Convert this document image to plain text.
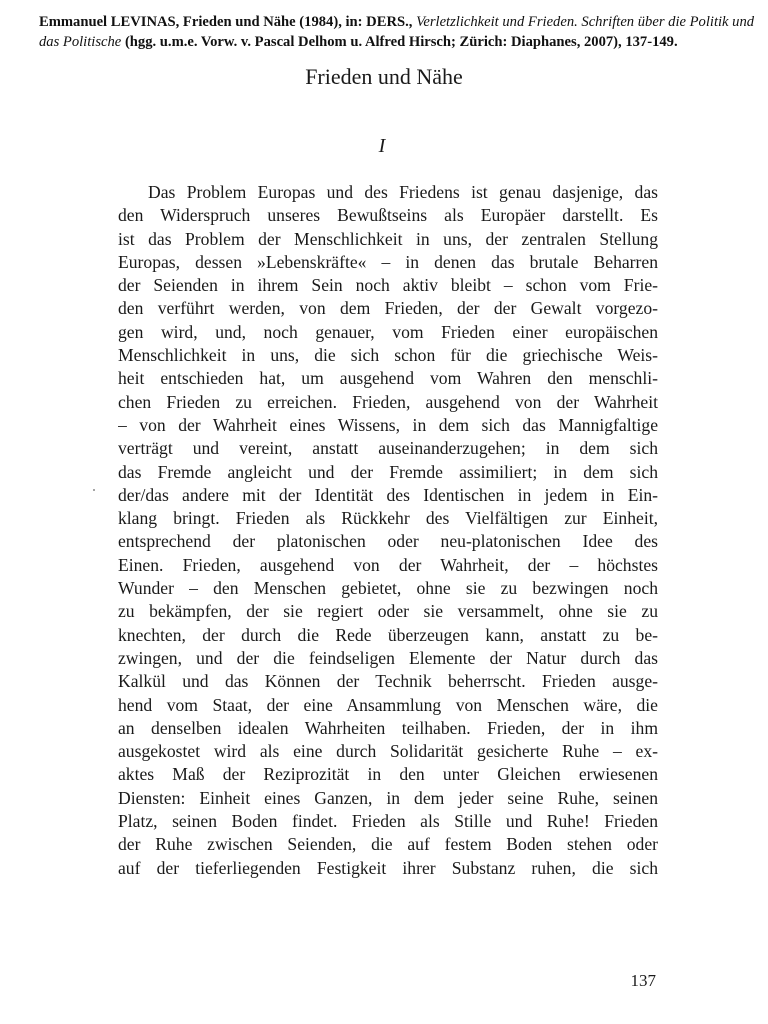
Emmanuel LEVINAS, Frieden und Nähe (1984), in: DERS., Verletzlichkeit und Frieden. Schriften über die Politik und das Politische (hgg. u.m.e. Vorw. v. Pascal Delhom u. Alfred Hirsch; Zürich: Diaphanes, 2007), 137-149.
Frieden und Nähe
I
Das Problem Europas und des Friedens ist genau dasjenige, das
den Widerspruch unseres Bewußtseins als Europäer darstellt. Es
ist das Problem der Menschlichkeit in uns, der zentralen Stellung
Europas, dessen »Lebenskräfte« – in denen das brutale Beharren
der Seienden in ihrem Sein noch aktiv bleibt – schon vom Frie-
den verführt werden, von dem Frieden, der der Gewalt vorgezo-
gen wird, und, noch genauer, vom Frieden einer europäischen
Menschlichkeit in uns, die sich schon für die griechische Weis-
heit entschieden hat, um ausgehend vom Wahren den menschli-
chen Frieden zu erreichen. Frieden, ausgehend von der Wahrheit
– von der Wahrheit eines Wissens, in dem sich das Mannigfaltige
verträgt und vereint, anstatt auseinanderzugehen; in dem sich
das Fremde angleicht und der Fremde assimiliert; in dem sich
der/das andere mit der Identität des Identischen in jedem in Ein-
klang bringt. Frieden als Rückkehr des Vielfältigen zur Einheit,
entsprechend der platonischen oder neu-platonischen Idee des
Einen. Frieden, ausgehend von der Wahrheit, der – höchstes
Wunder – den Menschen gebietet, ohne sie zu bezwingen noch
zu bekämpfen, der sie regiert oder sie versammelt, ohne sie zu
knechten, der durch die Rede überzeugen kann, anstatt zu be-
zwingen, und der die feindseligen Elemente der Natur durch das
Kalkül und das Können der Technik beherrscht. Frieden ausge-
hend vom Staat, der eine Ansammlung von Menschen wäre, die
an denselben idealen Wahrheiten teilhaben. Frieden, der in ihm
ausgekostet wird als eine durch Solidarität gesicherte Ruhe – ex-
aktes Maß der Reziprozität in den unter Gleichen erwiesenen
Diensten: Einheit eines Ganzen, in dem jeder seine Ruhe, seinen
Platz, seinen Boden findet. Frieden als Stille und Ruhe! Frieden
der Ruhe zwischen Seienden, die auf festem Boden stehen oder
auf der tieferliegenden Festigkeit ihrer Substanz ruhen, die sich
137
